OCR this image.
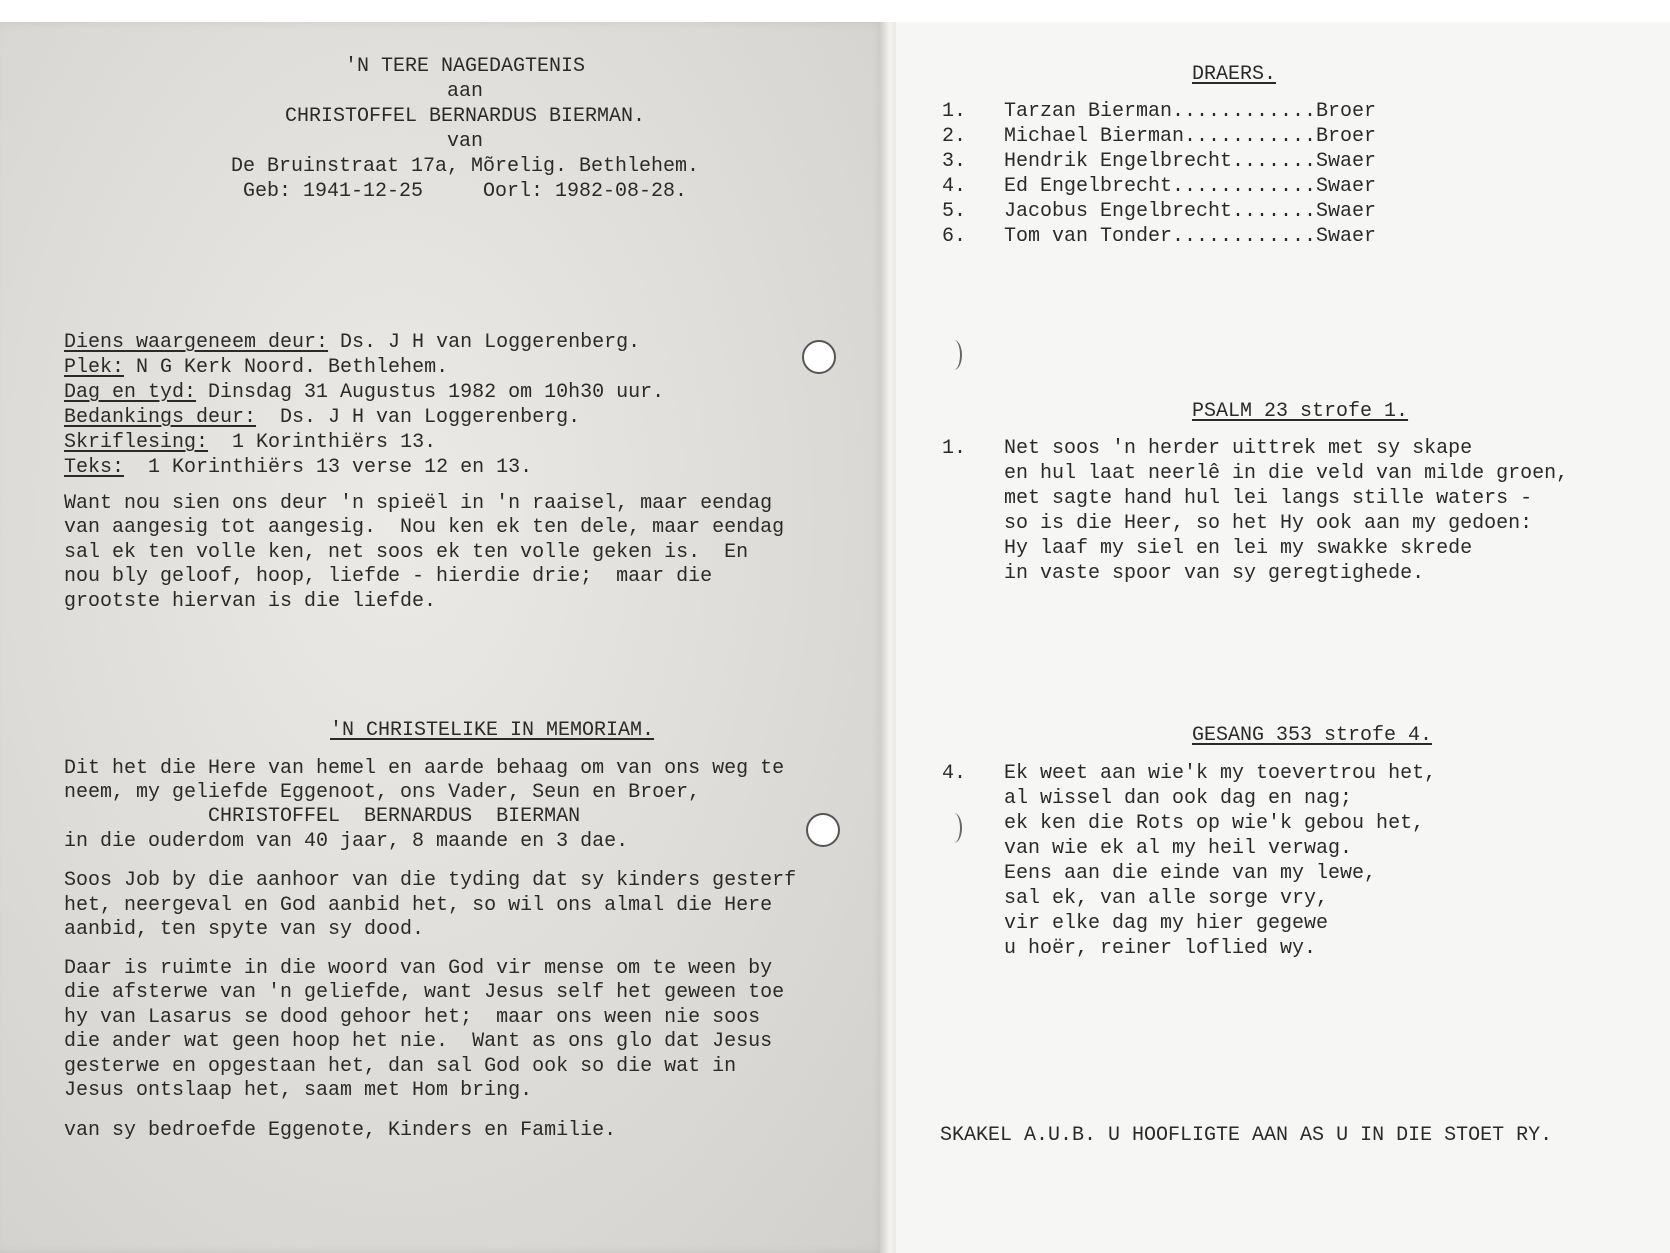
'N TERE NAGEDAGTENIS
aan
CHRISTOFFEL BERNARDUS BIERMAN.
van
De Bruinstraat 17a, Mõrelig. Bethlehem.
Geb: 1941-12-25     Oorl: 1982-08-28.
Diens waargeneem deur: Ds. J H van Loggerenberg.
Plek: N G Kerk Noord. Bethlehem.
Dag en tyd: Dinsdag 31 Augustus 1982 om 10h30 uur.
Bedankings deur:  Ds. J H van Loggerenberg.
Skriflesing:  1 Korinthiërs 13.
Teks:  1 Korinthiërs 13 verse 12 en 13.
Want nou sien ons deur 'n spieël in 'n raaisel, maar eendag
van aangesig tot aangesig.  Nou ken ek ten dele, maar eendag
sal ek ten volle ken, net soos ek ten volle geken is.  En
nou bly geloof, hoop, liefde - hierdie drie;  maar die
grootste hiervan is die liefde.
'N CHRISTELIKE IN MEMORIAM.
Dit het die Here van hemel en aarde behaag om van ons weg te
neem, my geliefde Eggenoot, ons Vader, Seun en Broer,
CHRISTOFFEL  BERNARDUS  BIERMAN
in die ouderdom van 40 jaar, 8 maande en 3 dae.
Soos Job by die aanhoor van die tyding dat sy kinders gesterf
het, neergeval en God aanbid het, so wil ons almal die Here
aanbid, ten spyte van sy dood.
Daar is ruimte in die woord van God vir mense om te ween by
die afsterwe van 'n geliefde, want Jesus self het geween toe
hy van Lasarus se dood gehoor het;  maar ons ween nie soos
die ander wat geen hoop het nie.  Want as ons glo dat Jesus
gesterwe en opgestaan het, dan sal God ook so die wat in
Jesus ontslaap het, saam met Hom bring.
van sy bedroefde Eggenote, Kinders en Familie.
DRAERS.
1. Tarzan Bierman............Broer
2. Michael Bierman...........Broer
3. Hendrik Engelbrecht.......Swaer
4. Ed Engelbrecht............Swaer
5. Jacobus Engelbrecht.......Swaer
6. Tom van Tonder............Swaer
PSALM 23 strofe 1.
1. Net soos 'n herder uittrek met sy skape
en hul laat neerlê in die veld van milde groen,
met sagte hand hul lei langs stille waters -
so is die Heer, so het Hy ook aan my gedoen:
Hy laaf my siel en lei my swakke skrede
in vaste spoor van sy geregtighede.
GESANG 353 strofe 4.
4. Ek weet aan wie'k my toevertrou het,
al wissel dan ook dag en nag;
ek ken die Rots op wie'k gebou het,
van wie ek al my heil verwag.
Eens aan die einde van my lewe,
sal ek, van alle sorge vry,
vir elke dag my hier gegewe
u hoër, reiner loflied wy.
SKAKEL A.U.B. U HOOFLIGTE AAN AS U IN DIE STOET RY.
